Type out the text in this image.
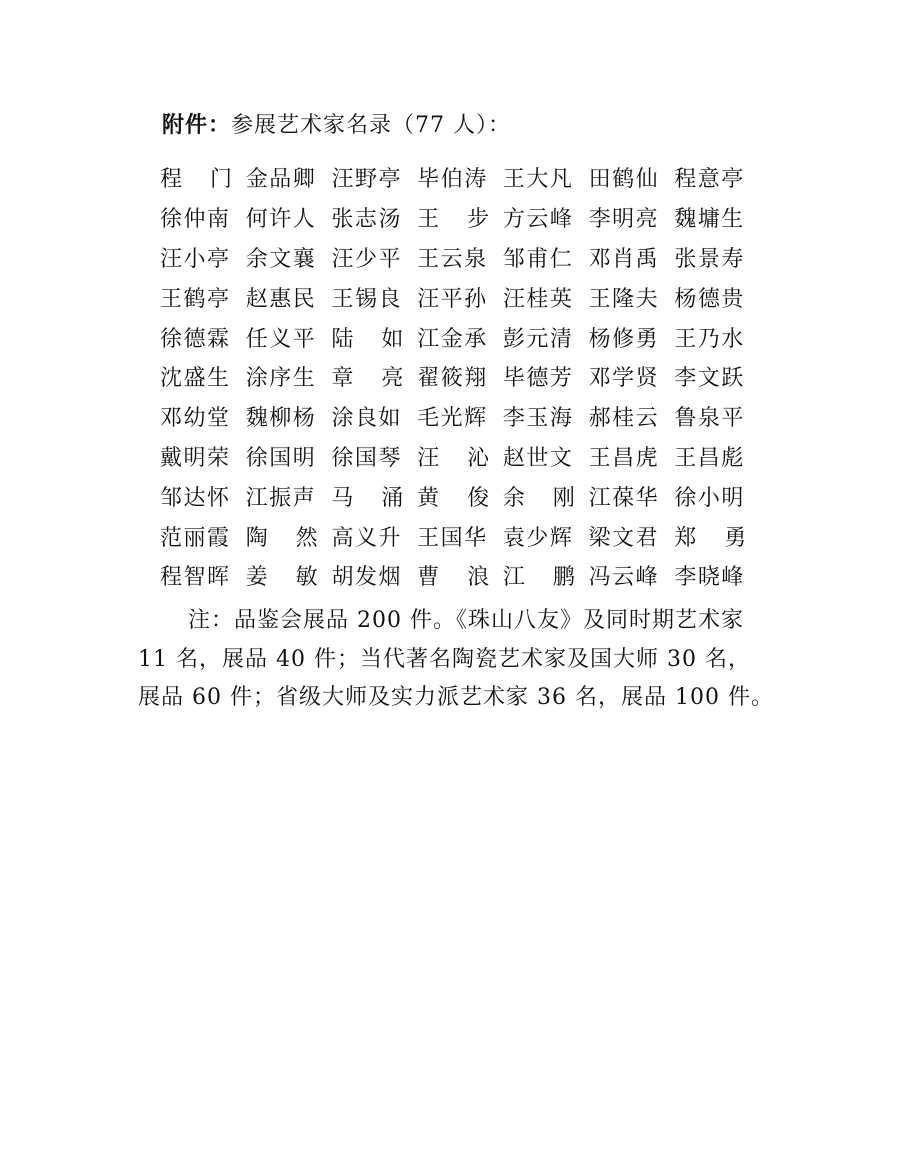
附件：参展艺术家名录（77 人）：
程 门 金品卿 汪野亭 毕伯涛 王大凡 田鹤仙 程意亭
徐仲南 何许人 张志汤 王 步 方云峰 李明亮 魏墉生
汪小亭 余文襄 汪少平 王云泉 邹甫仁 邓肖禹 张景寿
王鹤亭 赵惠民 王锡良 汪平孙 汪桂英 王隆夫 杨德贵
徐德霖 任义平 陆 如 江金承 彭元清 杨修勇 王乃水
沈盛生 涂序生 章 亮 翟筱翔 毕德芳 邓学贤 李文跃
邓幼堂 魏柳杨 涂良如 毛光辉 李玉海 郝桂云 鲁泉平
戴明荣 徐国明 徐国琴 汪 沁 赵世文 王昌虎 王昌彪
邹达怀 江振声 马 涌 黄 俊 余 刚 江葆华 徐小明
范丽霞 陶 然 高义升 王国华 袁少辉 梁文君 郑 勇
程智晖 姜 敏 胡发烟 曹 浪 江 鹏 冯云峰 李晓峰
注：品鉴会展品 200 件。《珠山八友》及同时期艺术家
11 名，展品 40 件；当代著名陶瓷艺术家及国大师 30 名，
展品 60 件；省级大师及实力派艺术家 36 名，展品 100 件。
